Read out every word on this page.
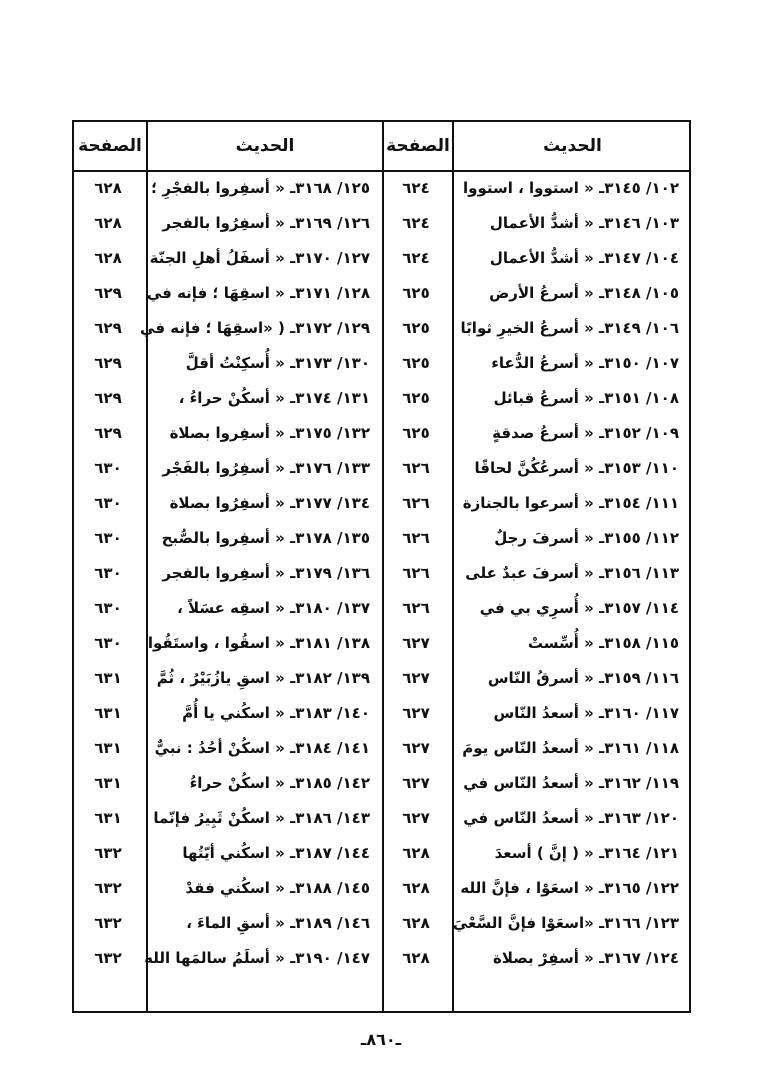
الحديث
الصفحة
الحديث
الصفحة
١٠٢/ ٣١٤٥ـ « استووا ، استووا
٦٢٤
١٢٥/ ٣١٦٨ـ « أسفِروا بالفجْرِ ؛
٦٢٨
١٠٣/ ٣١٤٦ـ « أشدُّ الأعمال
٦٢٤
١٢٦/ ٣١٦٩ـ « أسفِرُوا بالفجر
٦٢٨
١٠٤/ ٣١٤٧ـ « أشدُّ الأعمال
٦٢٤
١٢٧/ ٣١٧٠ـ « أسفَلُ أهلِ الجنّة
٦٢٨
١٠٥/ ٣١٤٨ـ « أسرعُ الأرض
٦٢٥
١٢٨/ ٣١٧١ـ « اسقِهَا ؛ فإنه في
٦٢٩
١٠٦/ ٣١٤٩ـ « أسرعُ الخيرِ ثوابًا
٦٢٥
١٢٩/ ٣١٧٢ـ ( «اسقِهَا ؛ فإنه في
٦٢٩
١٠٧/ ٣١٥٠ـ « أسرعُ الدُّعاء
٦٢٥
١٣٠/ ٣١٧٣ـ « أُسكِنْتُ أقلَّ
٦٢٩
١٠٨/ ٣١٥١ـ « أسرعُ قبائل
٦٢٥
١٣١/ ٣١٧٤ـ « أسكُنْ حراءُ ،
٦٢٩
١٠٩/ ٣١٥٢ـ « أسرعُ صدقةٍ
٦٢٥
١٣٢/ ٣١٧٥ـ « أسفِروا بصلاة
٦٢٩
١١٠/ ٣١٥٣ـ « أسرعُكُنَّ لحاقًا
٦٢٦
١٣٣/ ٣١٧٦ـ « أسفِرُوا بالفَجْر
٦٣٠
١١١/ ٣١٥٤ـ « أسرعوا بالجنازة
٦٢٦
١٣٤/ ٣١٧٧ـ « أسفِرُوا بصلاة
٦٣٠
١١٢/ ٣١٥٥ـ « أسرفَ رجلٌ
٦٢٦
١٣٥/ ٣١٧٨ـ « أسفِروا بالصُّبح
٦٣٠
١١٣/ ٣١٥٦ـ « أسرفَ عبدٌ على
٦٢٦
١٣٦/ ٣١٧٩ـ « أسفِروا بالفجر
٦٣٠
١١٤/ ٣١٥٧ـ « أُسرِي بي في
٦٢٦
١٣٧/ ٣١٨٠ـ « اسقِه عسَلاً ،
٦٣٠
١١٥/ ٣١٥٨ـ « أُسِّستْ
٦٢٧
١٣٨/ ٣١٨١ـ « اسقُوا ، واستَقُوا
٦٣٠
١١٦/ ٣١٥٩ـ « أسرقُ النّاس
٦٢٧
١٣٩/ ٣١٨٢ـ « اسقِ يازُبَيْرُ ، ثُمَّ
٦٣١
١١٧/ ٣١٦٠ـ « أسعدُ النّاس
٦٢٧
١٤٠/ ٣١٨٣ـ « اسكُني يا أُمَّ
٦٣١
١١٨/ ٣١٦١ـ « أسعدُ النّاس يومَ
٦٢٧
١٤١/ ٣١٨٤ـ « اسكُنْ أحُدُ : نبيٌّ
٦٣١
١١٩/ ٣١٦٢ـ « أسعدُ النّاس في
٦٢٧
١٤٢/ ٣١٨٥ـ « اسكُنْ حراءُ
٦٣١
١٢٠/ ٣١٦٣ـ « أسعدُ النّاس في
٦٢٧
١٤٣/ ٣١٨٦ـ « اسكُنْ ثَبِيرُ فإنّما
٦٣١
١٢١/ ٣١٦٤ـ « ( إنَّ ) أسعدَ
٦٢٨
١٤٤/ ٣١٨٧ـ « اسكُني أيّتُها
٦٣٢
١٢٢/ ٣١٦٥ـ « اسعَوْا ، فإنَّ الله
٦٢٨
١٤٥/ ٣١٨٨ـ « اسكُني فقدْ
٦٣٢
١٢٣/ ٣١٦٦ـ «اسعَوْا فإنَّ السَّعْيَ
٦٢٨
١٤٦/ ٣١٨٩ـ « أسقِ الماءَ ،
٦٣٢
١٢٤/ ٣١٦٧ـ « أسفِرْ بصلاة
٦٢٨
١٤٧/ ٣١٩٠ـ « أسلَمُ سالمَها الله
٦٣٢
ـ٨٦٠ـ
